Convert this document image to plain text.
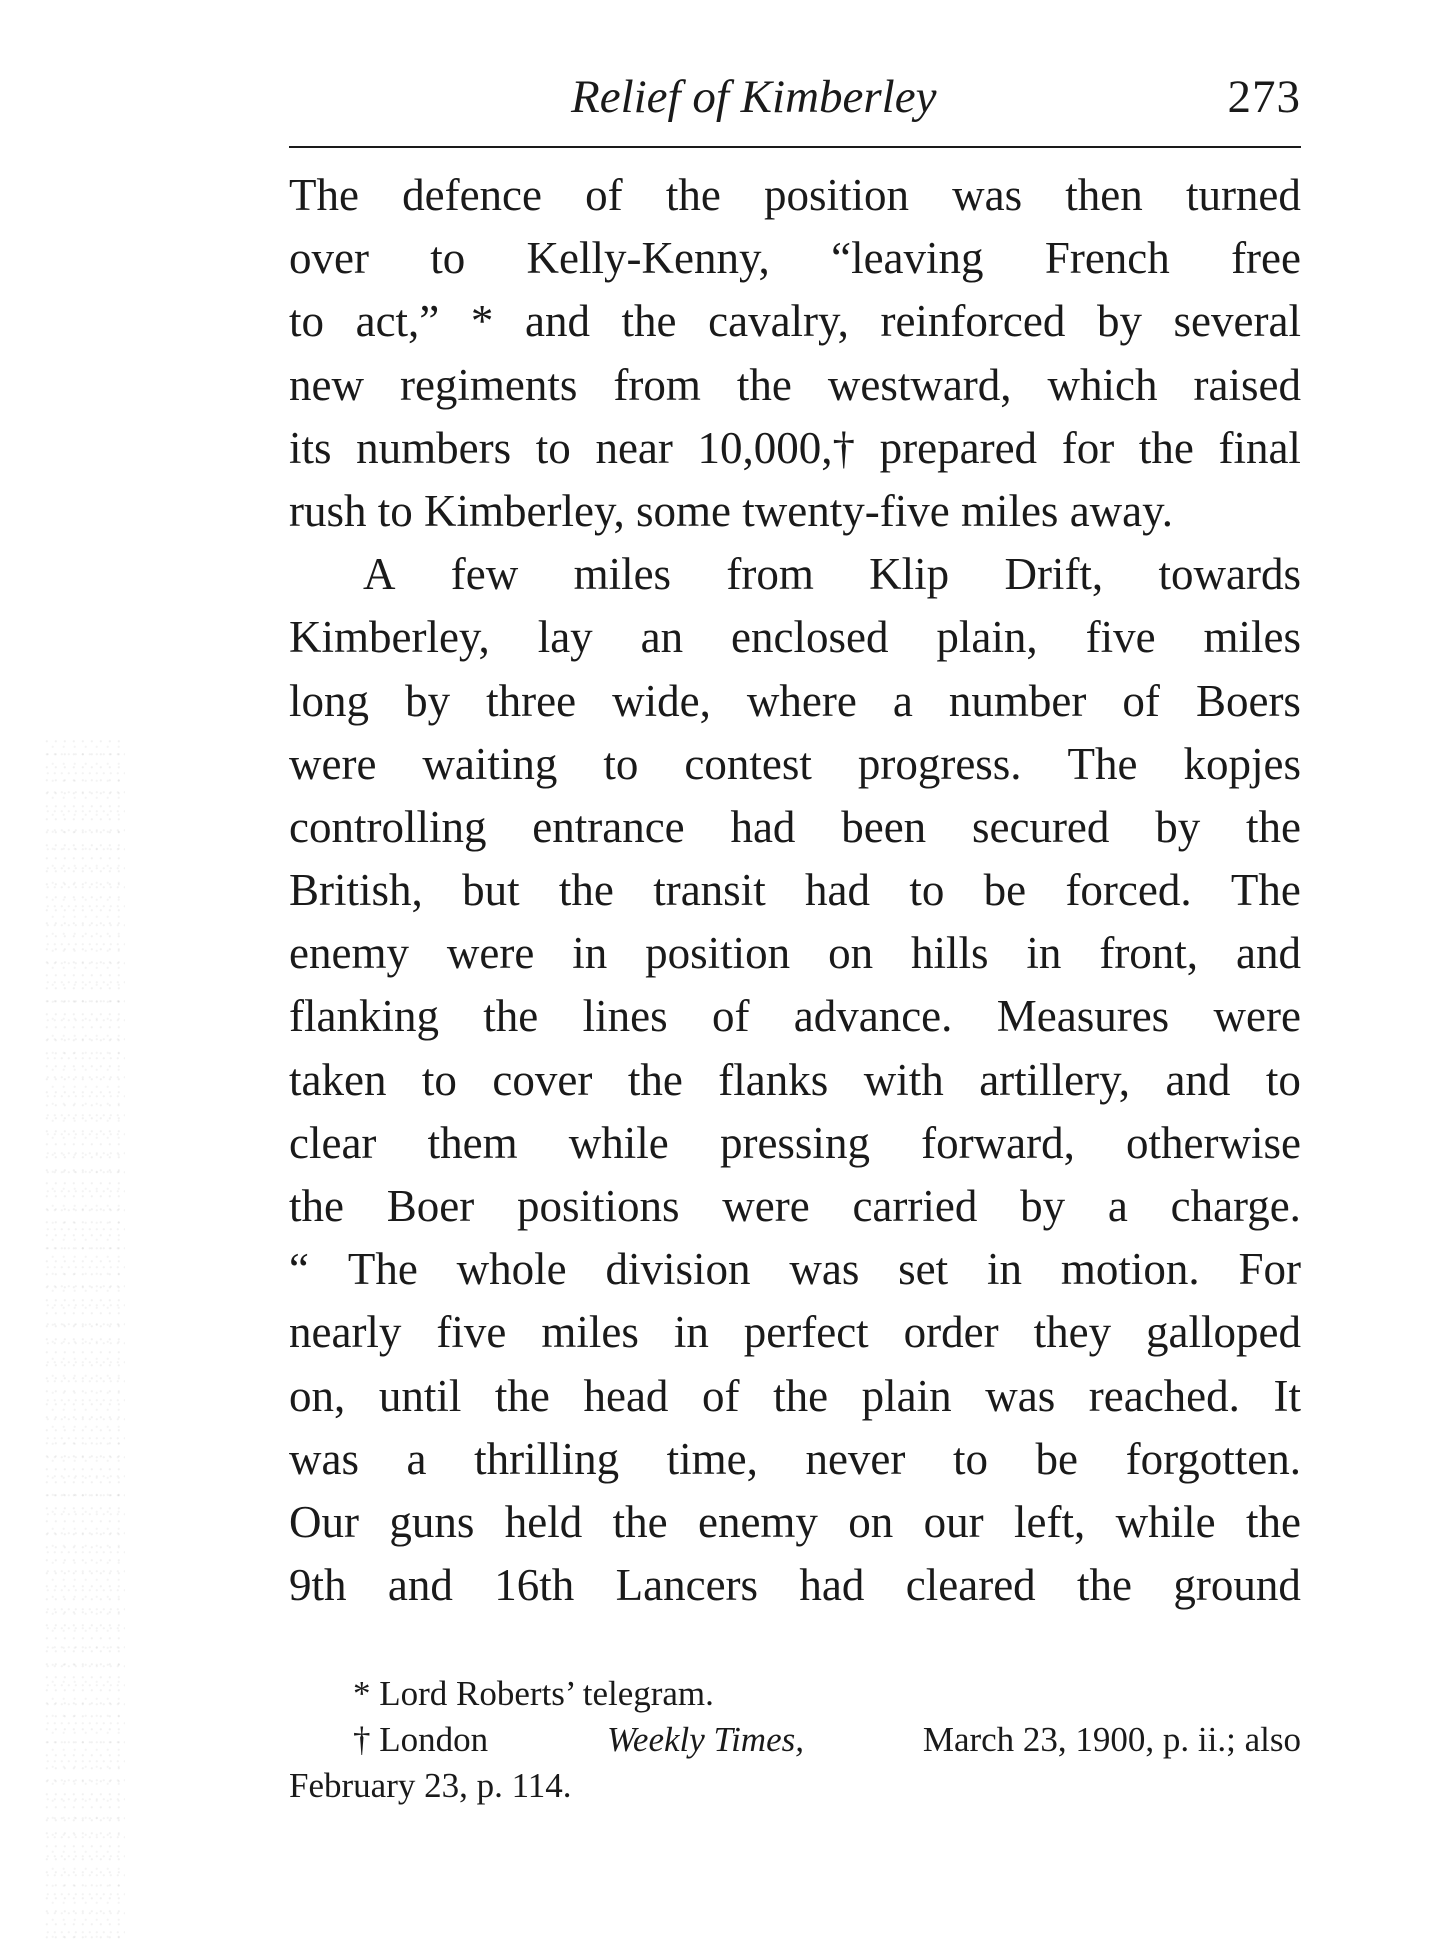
Relief of Kimberley	273
The defence of the position was then turned
over to Kelly-Kenny, “leaving French free
to act,” * and the cavalry, reinforced by several
new regiments from the westward, which raised
its numbers to near 10,000,† prepared for the final
rush to Kimberley, some twenty-five miles away.
A few miles from Klip Drift, towards
Kimberley, lay an enclosed plain, five miles
long by three wide, where a number of Boers
were waiting to contest progress. The kopjes
controlling entrance had been secured by the
British, but the transit had to be forced. The
enemy were in position on hills in front, and
flanking the lines of advance. Measures were
taken to cover the flanks with artillery, and to
clear them while pressing forward, otherwise
the Boer positions were carried by a charge.
“ The whole division was set in motion. For
nearly five miles in perfect order they galloped
on, until the head of the plain was reached. It
was a thrilling time, never to be forgotten.
Our guns held the enemy on our left, while the
9th and 16th Lancers had cleared the ground
* Lord Roberts’ telegram.
† London	Weekly Times,	March 23, 1900, p. ii.; also
February 23, p. 114.
